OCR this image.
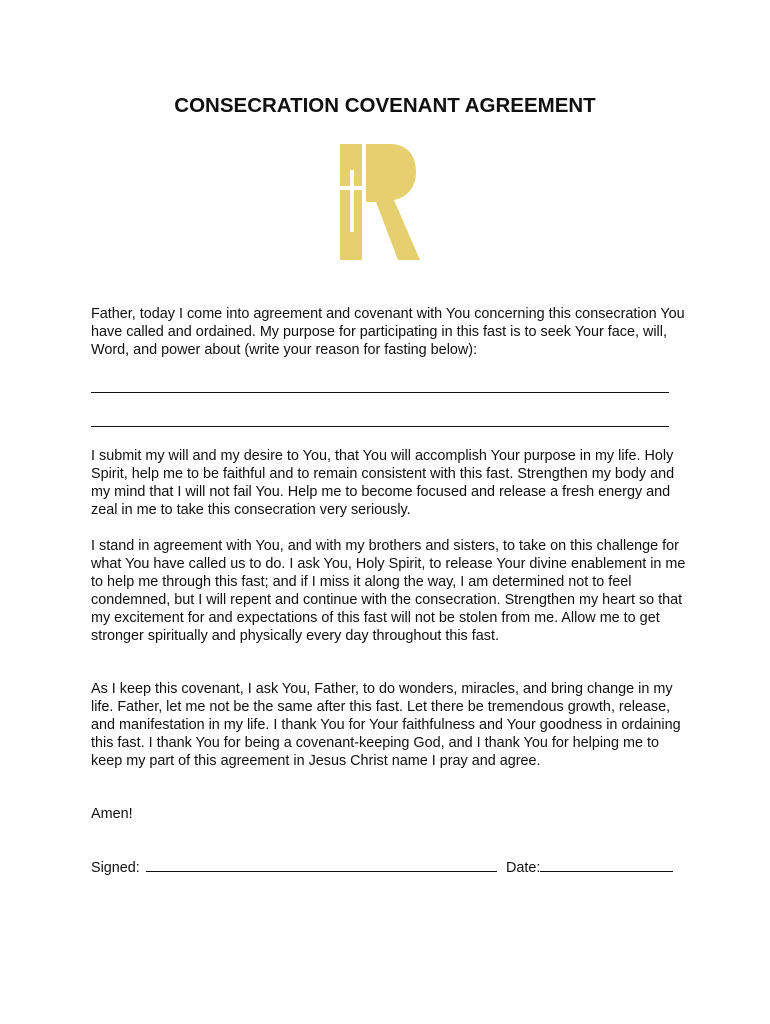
CONSECRATION COVENANT AGREEMENT

Father, today I come into agreement and covenant with You concerning this consecration You have called and ordained. My purpose for participating in this fast is to seek Your face, will, Word, and power about (write your reason for fasting below):

I submit my will and my desire to You, that You will accomplish Your purpose in my life. Holy Spirit, help me to be faithful and to remain consistent with this fast. Strengthen my body and my mind that I will not fail You. Help me to become focused and release a fresh energy and zeal in me to take this consecration very seriously.

I stand in agreement with You, and with my brothers and sisters, to take on this challenge for what You have called us to do. I ask You, Holy Spirit, to release Your divine enablement in me to help me through this fast; and if I miss it along the way, I am determined not to feel condemned, but I will repent and continue with the consecration. Strengthen my heart so that my excitement for and expectations of this fast will not be stolen from me. Allow me to get stronger spiritually and physically every day throughout this fast.

As I keep this covenant, I ask You, Father, to do wonders, miracles, and bring change in my life. Father, let me not be the same after this fast. Let there be tremendous growth, release, and manifestation in my life. I thank You for Your faithfulness and Your goodness in ordaining this fast. I thank You for being a covenant-keeping God, and I thank You for helping me to keep my part of this agreement in Jesus Christ name I pray and agree.

Amen!

Signed:	Date:
